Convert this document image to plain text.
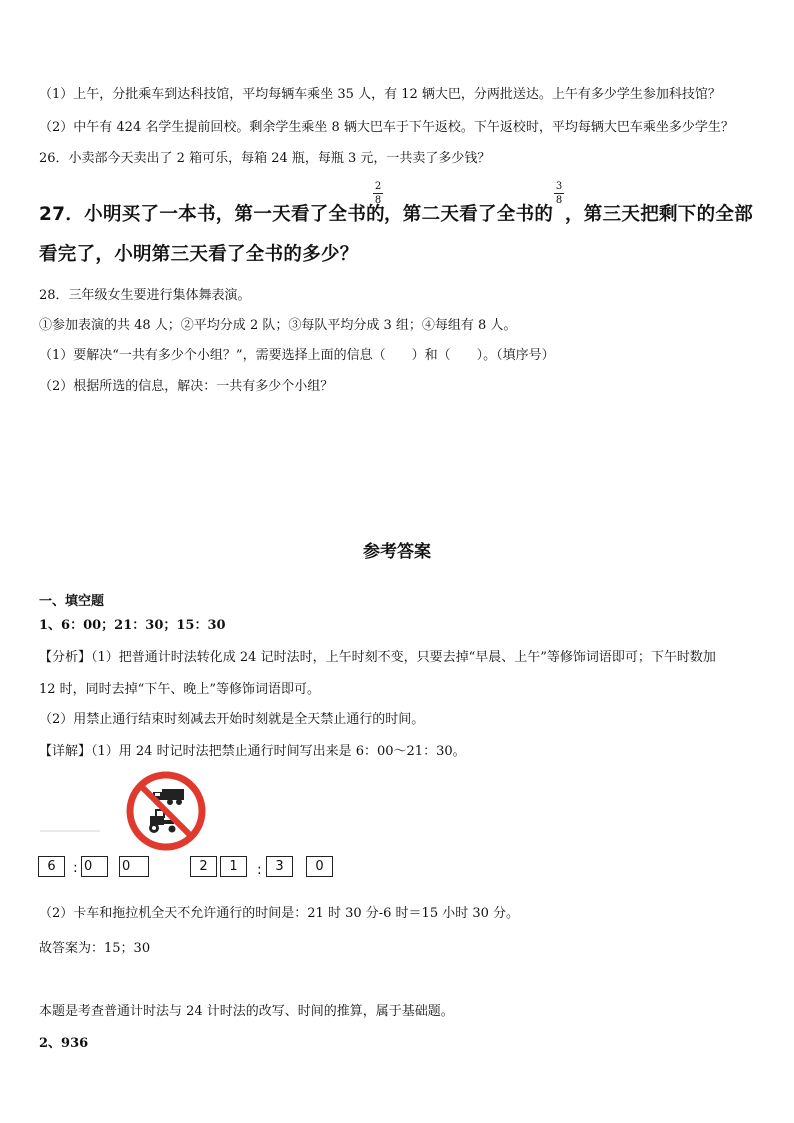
（1）上午，分批乘车到达科技馆，平均每辆车乘坐 35 人，有 12 辆大巴，分两批送达。上午有多少学生参加科技馆？
（2）中午有 424 名学生提前回校。剩余学生乘坐 8 辆大巴车于下午返校。下午返校时，平均每辆大巴车乘坐多少学生？
26．小卖部今天卖出了 2 箱可乐，每箱 24 瓶，每瓶 3 元，一共卖了多少钱？
27．小明买了一本书，第一天看了全书的
2
8
，第二天看了全书的
3
8
，第三天把剩下的全部
看完了，小明第三天看了全书的多少？
28．三年级女生要进行集体舞表演。
①参加表演的共 48 人；②平均分成 2 队；③每队平均分成 3 组；④每组有 8 人。
（1）要解决“一共有多少个小组？”，需要选择上面的信息（　　）和（　　）。（填序号）
（2）根据所选的信息，解决：一共有多少个小组？
参考答案
一、填空题
1、6：00；21：30；15：30
【分析】（1）把普通计时法转化成 24 记时法时，上午时刻不变，只要去掉“早晨、上午”等修饰词语即可；下午时数加
12 时，同时去掉“下午、晚上”等修饰词语即可。
（2）用禁止通行结束时刻减去开始时刻就是全天禁止通行的时间。
【详解】（1）用 24 时记时法把禁止通行时间写出来是 6：00～21：30。
6	: 0	0	2	1	:	3	0
（2）卡车和拖拉机全天不允许通行的时间是：21 时 30 分-6 时＝15 小时 30 分。
故答案为：15；30
本题是考查普通计时法与 24 计时法的改写、时间的推算，属于基础题。
2、936
